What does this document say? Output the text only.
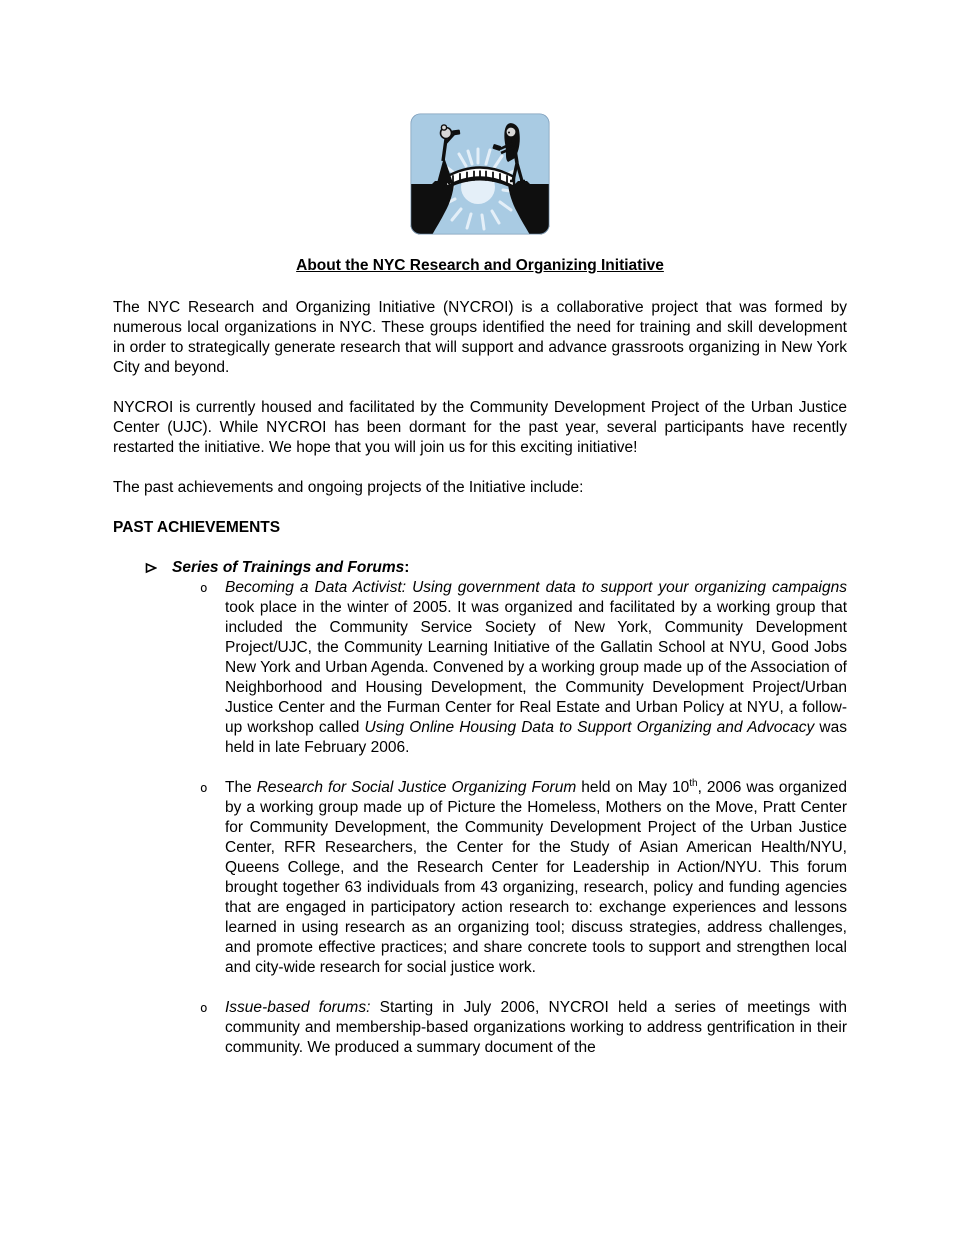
About the NYC Research and Organizing Initiative

The NYC Research and Organizing Initiative (NYCROI) is a collaborative project that was formed by numerous local organizations in NYC. These groups identified the need for training and skill development in order to strategically generate research that will support and advance grassroots organizing in New York City and beyond.

NYCROI is currently housed and facilitated by the Community Development Project of the Urban Justice Center (UJC). While NYCROI has been dormant for the past year, several participants have recently restarted the initiative. We hope that you will join us for this exciting initiative!

The past achievements and ongoing projects of the Initiative include:

PAST ACHIEVEMENTS

Series of Trainings and Forums:
o	Becoming a Data Activist: Using government data to support your organizing campaigns took place in the winter of 2005. It was organized and facilitated by a working group that included the Community Service Society of New York, Community Development Project/UJC, the Community Learning Initiative of the Gallatin School at NYU, Good Jobs New York and Urban Agenda. Convened by a working group made up of the Association of Neighborhood and Housing Development, the Community Development Project/Urban Justice Center and the Furman Center for Real Estate and Urban Policy at NYU, a follow-up workshop called Using Online Housing Data to Support Organizing and Advocacy was held in late February 2006.
o	The Research for Social Justice Organizing Forum held on May 10th, 2006 was organized by a working group made up of Picture the Homeless, Mothers on the Move, Pratt Center for Community Development, the Community Development Project of the Urban Justice Center, RFR Researchers, the Center for the Study of Asian American Health/NYU, Queens College, and the Research Center for Leadership in Action/NYU. This forum brought together 63 individuals from 43 organizing, research, policy and funding agencies that are engaged in participatory action research to: exchange experiences and lessons learned in using research as an organizing tool; discuss strategies, address challenges, and promote effective practices; and share concrete tools to support and strengthen local and city-wide research for social justice work.
o	Issue-based forums: Starting in July 2006, NYCROI held a series of meetings with community and membership-based organizations working to address gentrification in their community. We produced a summary document of the
